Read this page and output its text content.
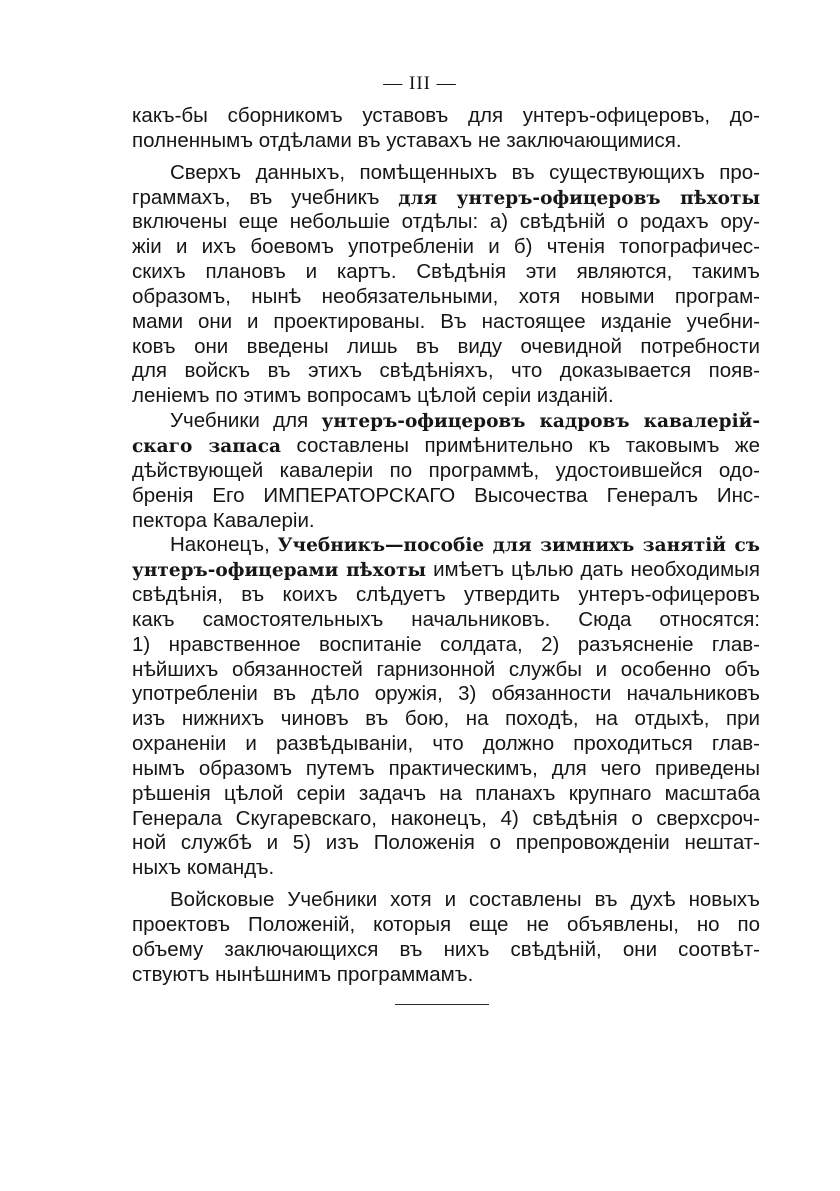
— III —
какъ-бы сборникомъ уставовъ для унтеръ-офицеровъ, до-
полненнымъ отдѣлами въ уставахъ не заключающимися.
Сверхъ данныхъ, помѣщенныхъ въ существующихъ про-
граммахъ, въ учебникъ для унтеръ-офицеровъ пѣхоты
включены еще небольшіе отдѣлы: а) свѣдѣній о родахъ ору-
жіи и ихъ боевомъ употребленіи и б) чтенія топографичес-
скихъ плановъ и картъ. Свѣдѣнія эти являются, такимъ
образомъ, нынѣ необязательными, хотя новыми програм-
мами они и проектированы. Въ настоящее изданіе учебни-
ковъ они введены лишь въ виду очевидной потребности
для войскъ въ этихъ свѣдѣніяхъ, что доказывается появ-
леніемъ по этимъ вопросамъ цѣлой серіи изданій.
Учебники для унтеръ-офицеровъ кадровъ кавалерій-
скаго запаса составлены примѣнительно къ таковымъ же
дѣйствующей кавалеріи по программѣ, удостоившейся одо-
бренія Его ИМПЕРАТОРСКАГО Высочества Генералъ Инс-
пектора Кавалеріи.
Наконецъ, Учебникъ—пособіе для зимнихъ занятій съ
унтеръ-офицерами пѣхоты имѣетъ цѣлью дать необходимыя
свѣдѣнія, въ коихъ слѣдуетъ утвердить унтеръ-офицеровъ
какъ самостоятельныхъ начальниковъ. Сюда относятся:
1) нравственное воспитаніе солдата, 2) разъясненіе глав-
нѣйшихъ обязанностей гарнизонной службы и особенно объ
употребленіи въ дѣло оружія, 3) обязанности начальниковъ
изъ нижнихъ чиновъ въ бою, на походѣ, на отдыхѣ, при
охраненіи и развѣдываніи, что должно проходиться глав-
нымъ образомъ путемъ практическимъ, для чего приведены
рѣшенія цѣлой серіи задачъ на планахъ крупнаго масштаба
Генерала Скугаревскаго, наконецъ, 4) свѣдѣнія о сверхсроч-
ной службѣ и 5) изъ Положенія о препровожденіи нештат-
ныхъ командъ.
Войсковые Учебники хотя и составлены въ духѣ новыхъ
проектовъ Положеній, которыя еще не объявлены, но по
объему заключающихся въ нихъ свѣдѣній, они соотвѣт-
ствуютъ нынѣшнимъ программамъ.
